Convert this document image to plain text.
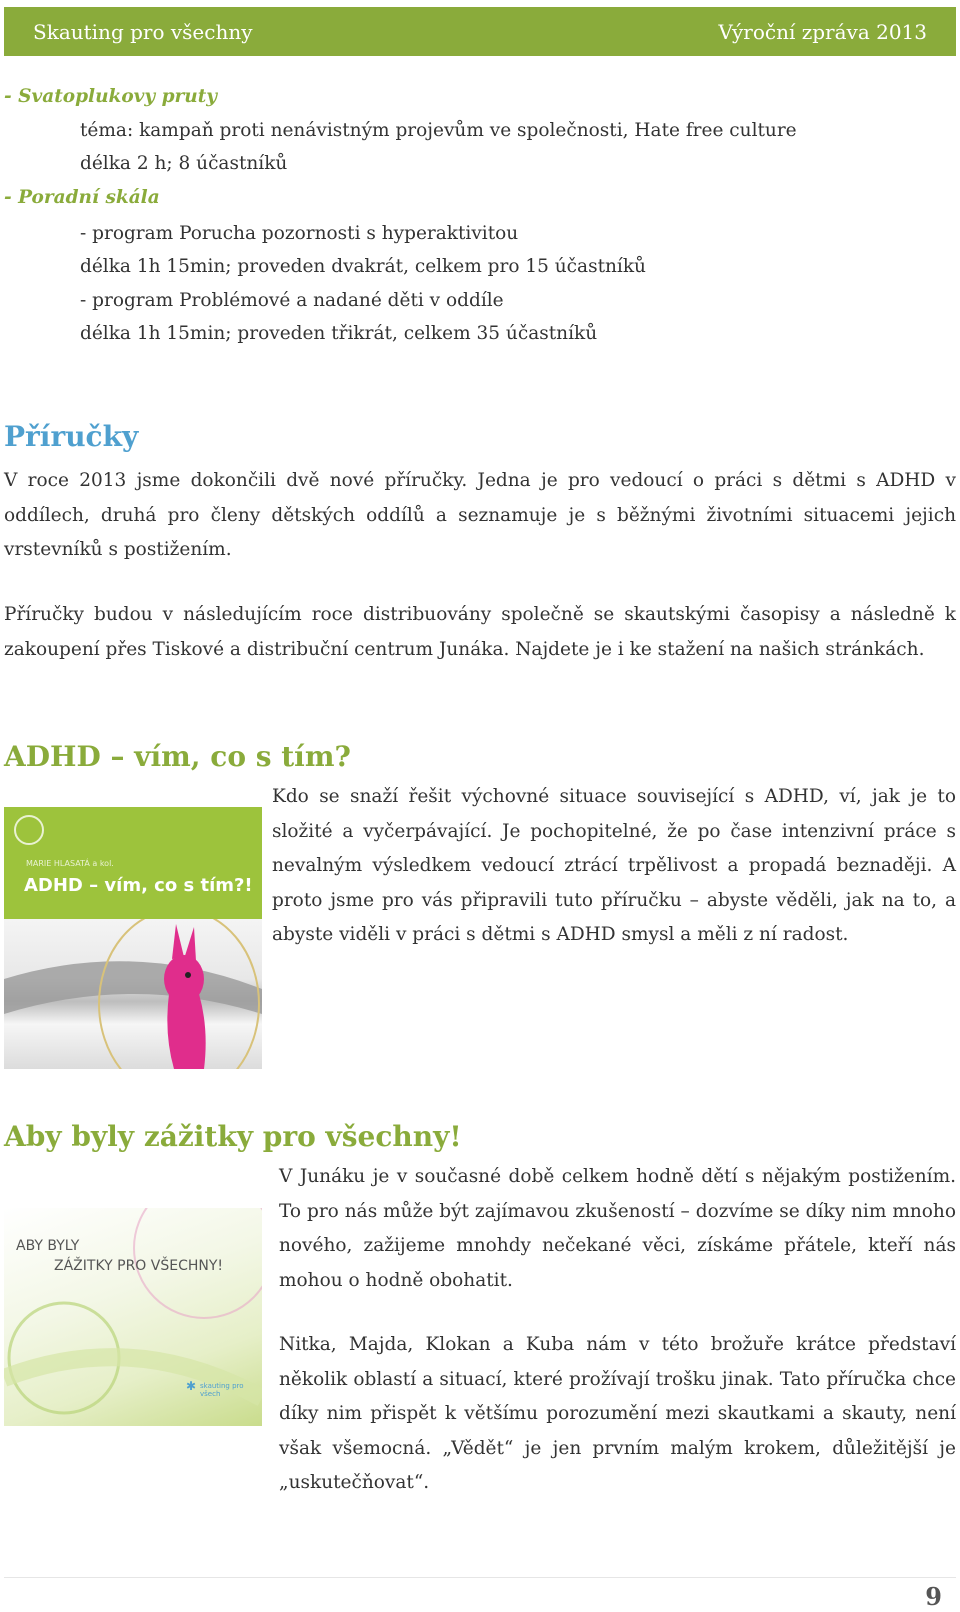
Skauting pro všechny	Výroční zpráva 2013
- Svatoplukovy pruty
téma: kampaň proti nenávistným projevům ve společnosti, Hate free culture
délka 2 h; 8 účastníků
- Poradní skála
- program Porucha pozornosti s hyperaktivitou
délka 1h 15min; proveden dvakrát, celkem pro 15 účastníků
- program Problémové a nadané děti v oddíle
délka 1h 15min; proveden třikrát, celkem 35 účastníků
Příručky

V roce 2013 jsme dokončili dvě nové příručky. Jedna je pro vedoucí o práci s dětmi s ADHD v oddílech, druhá pro členy dětských oddílů a seznamuje je s běžnými životními situacemi jejich vrstevníků s postižením.

Příručky budou v následujícím roce distribuovány společně se skautskými časopisy a následně k zakoupení přes Tiskové a distribuční centrum Junáka. Najdete je i ke stažení na našich stránkách.

ADHD – vím, co s tím?
MARIE HLASATÁ a kol.
ADHD – vím, co s tím?!

Kdo se snaží řešit výchovné situace související s ADHD, ví, jak je to složité a vyčerpávající. Je pochopitelné, že po čase intenzivní práce s nevalným výsledkem vedoucí ztrácí trpělivost a propadá beznaději. A proto jsme pro vás připravili tuto příručku – abyste věděli, jak na to, a abyste viděli v práci s dětmi s ADHD smysl a měli z ní radost.

Aby byly zážitky pro všechny!
ABY BYLY
ZÁŽITKY PRO VŠECHNY!
✱ skauting pro všech

V Junáku je v současné době celkem hodně dětí s nějakým postižením. To pro nás může být zajímavou zkušeností – dozvíme se díky nim mnoho nového, zažijeme mnohdy nečekané věci, získáme přátele, kteří nás mohou o hodně obohatit.

Nitka, Majda, Klokan a Kuba nám v této brožuře krátce představí několik oblastí a situací, které prožívají trošku jinak. Tato příručka chce díky nim přispět k většímu porozumění mezi skautkami a skauty, není však všemocná. „Vědět“ je jen prvním malým krokem, důležitější je „uskutečňovat“.

9
